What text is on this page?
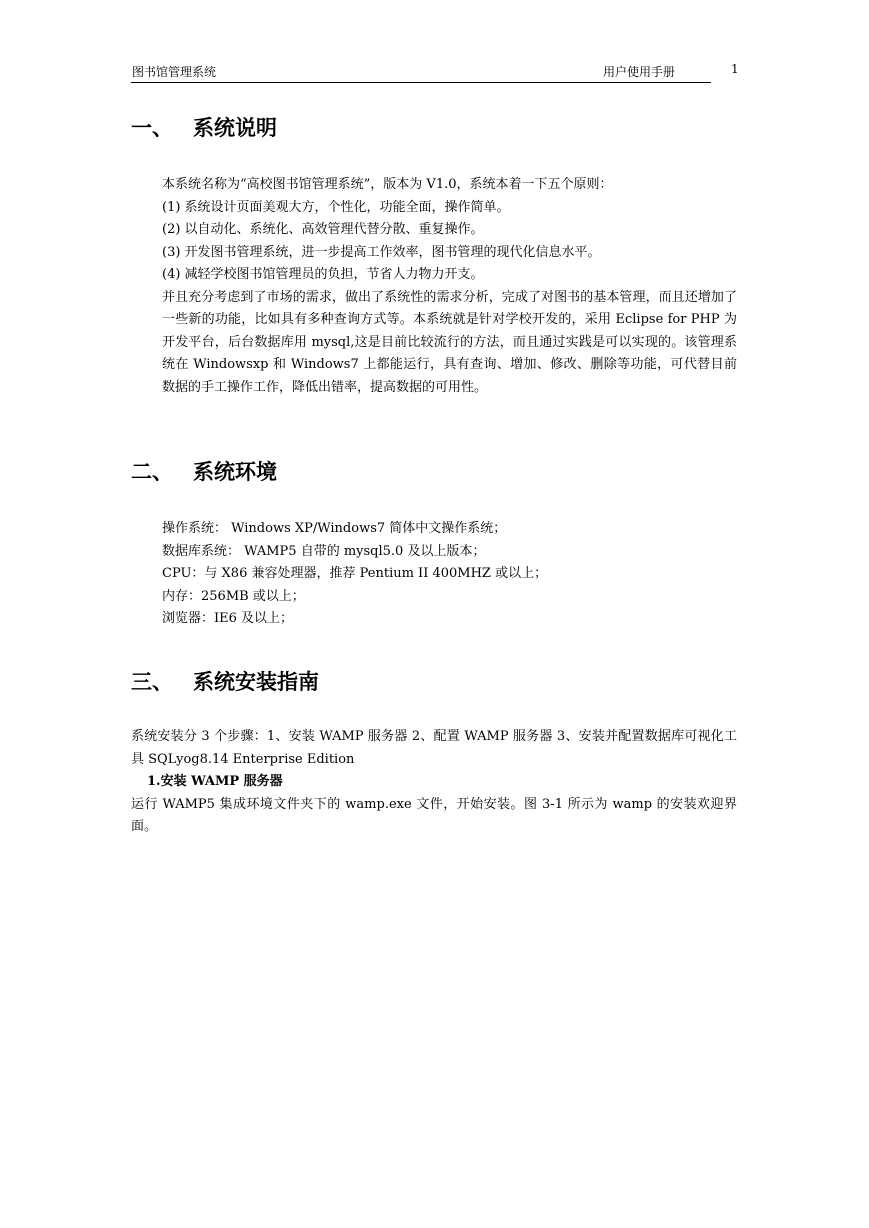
图书馆管理系统	用户使用手册	1
一、 系统说明
本系统名称为“高校图书馆管理系统”，版本为 V1.0，系统本着一下五个原则：
(1) 系统设计页面美观大方，个性化，功能全面，操作简单。
(2) 以自动化、系统化、高效管理代替分散、重复操作。
(3) 开发图书管理系统，进一步提高工作效率，图书管理的现代化信息水平。
(4) 减轻学校图书馆管理员的负担，节省人力物力开支。

并且充分考虑到了市场的需求，做出了系统性的需求分析，完成了对图书的基本管理，而且还增加了一些新的功能，比如具有多种查询方式等。本系统就是针对学校开发的，采用 Eclipse for PHP 为开发平台，后台数据库用 mysql,这是目前比较流行的方法，而且通过实践是可以实现的。该管理系统在 Windowsxp 和 Windows7 上都能运行，具有查询、增加、修改、删除等功能，可代替目前数据的手工操作工作，降低出错率，提高数据的可用性。

二、 系统环境
操作系统： Windows XP/Windows7 简体中文操作系统；
数据库系统： WAMP5 自带的 mysql5.0 及以上版本；
CPU：与 X86 兼容处理器，推荐 Pentium II 400MHZ 或以上；
内存：256MB 或以上；
浏览器：IE6 及以上；
三、 系统安装指南

系统安装分 3 个步骤：1、安装 WAMP 服务器 2、配置 WAMP 服务器 3、安装并配置数据库可视化工具 SQLyog8.14 Enterprise Edition

1.安装 WAMP 服务器

运行 WAMP5 集成环境文件夹下的 wamp.exe 文件，开始安装。图 3-1 所示为 wamp 的安装欢迎界面。
